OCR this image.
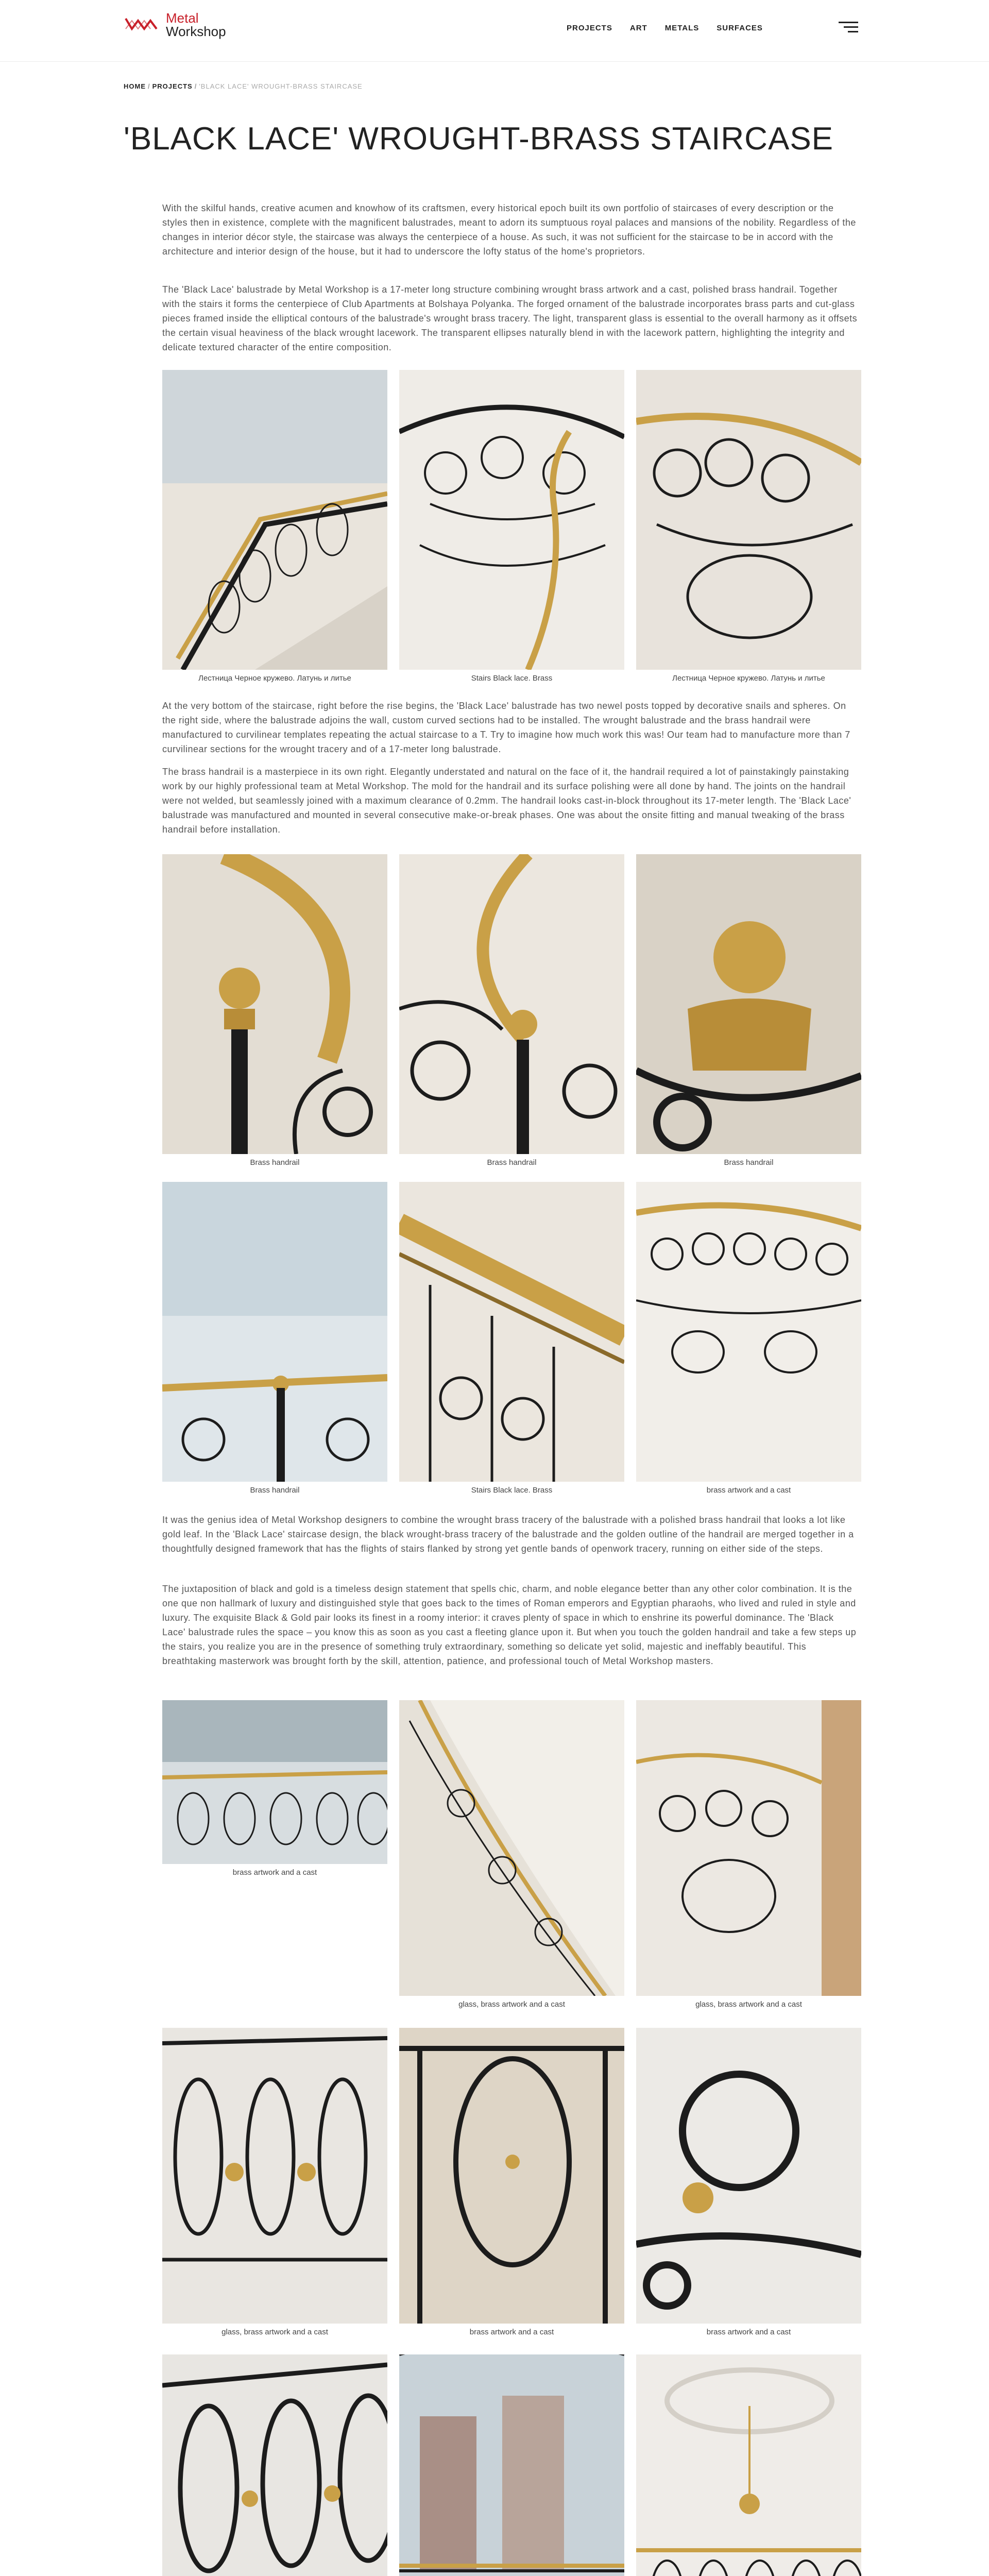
Metal
Workshop	PROJECTS ART METALS SURFACES
HOME / PROJECTS / 'BLACK LACE' WROUGHT-BRASS STAIRCASE
'BLACK LACE' WROUGHT-BRASS STAIRCASE

With the skilful hands, creative acumen and knowhow of its craftsmen, every historical epoch built its own portfolio of staircases of every description or the styles then in existence, complete with the magnificent balustrades, meant to adorn its sumptuous royal palaces and mansions of the nobility. Regardless of the changes in interior décor style, the staircase was always the centerpiece of a house. As such, it was not sufficient for the staircase to be in accord with the architecture and interior design of the house, but it had to underscore the lofty status of the home's proprietors.

The 'Black Lace' balustrade by Metal Workshop is a 17-meter long structure combining wrought brass artwork and a cast, polished brass handrail. Together with the stairs it forms the centerpiece of Club Apartments at Bolshaya Polyanka. The forged ornament of the balustrade incorporates brass parts and cut-glass pieces framed inside the elliptical contours of the balustrade's wrought brass tracery. The light, transparent glass is essential to the overall harmony as it offsets the certain visual heaviness of the black wrought lacework. The transparent ellipses naturally blend in with the lacework pattern, highlighting the integrity and delicate textured character of the entire composition.

Лестница Черное кружево. Латунь и литье	Stairs Black lace. Brass	Лестница Черное кружево. Латунь и литье

At the very bottom of the staircase, right before the rise begins, the 'Black Lace' balustrade has two newel posts topped by decorative snails and spheres. On the right side, where the balustrade adjoins the wall, custom curved sections had to be installed. The wrought balustrade and the brass handrail were manufactured to curvilinear templates repeating the actual staircase to a T. Try to imagine how much work this was! Our team had to manufacture more than 7 curvilinear sections for the wrought tracery and of a 17-meter long balustrade.

The brass handrail is a masterpiece in its own right. Elegantly understated and natural on the face of it, the handrail required a lot of painstakingly painstaking work by our highly professional team at Metal Workshop. The mold for the handrail and its surface polishing were all done by hand. The joints on the handrail were not welded, but seamlessly joined with a maximum clearance of 0.2mm. The handrail looks cast-in-block throughout its 17-meter length. The 'Black Lace' balustrade was manufactured and mounted in several consecutive make-or-break phases. One was about the onsite fitting and manual tweaking of the brass handrail before installation.

Brass handrail	Brass handrail	Brass handrail
Brass handrail	Stairs Black lace. Brass	brass artwork and a cast

It was the genius idea of Metal Workshop designers to combine the wrought brass tracery of the balustrade with a polished brass handrail that looks a lot like gold leaf. In the 'Black Lace' staircase design, the black wrought-brass tracery of the balustrade and the golden outline of the handrail are merged together in a thoughtfully designed framework that has the flights of stairs flanked by strong yet gentle bands of openwork tracery, running on either side of the steps.

The juxtaposition of black and gold is a timeless design statement that spells chic, charm, and noble elegance better than any other color combination. It is the one que non hallmark of luxury and distinguished style that goes back to the times of Roman emperors and Egyptian pharaohs, who lived and ruled in style and luxury. The exquisite Black & Gold pair looks its finest in a roomy interior: it craves plenty of space in which to enshrine its powerful dominance. The 'Black Lace' balustrade rules the space – you know this as soon as you cast a fleeting glance upon it. But when you touch the golden handrail and take a few steps up the stairs, you realize you are in the presence of something truly extraordinary, something so delicate yet solid, majestic and ineffably beautiful. This breathtaking masterwork was brought forth by the skill, attention, patience, and professional touch of Metal Workshop masters.

brass artwork and a cast
glass, brass artwork and a cast	glass, brass artwork and a cast
glass, brass artwork and a cast	brass artwork and a cast	brass artwork and a cast
